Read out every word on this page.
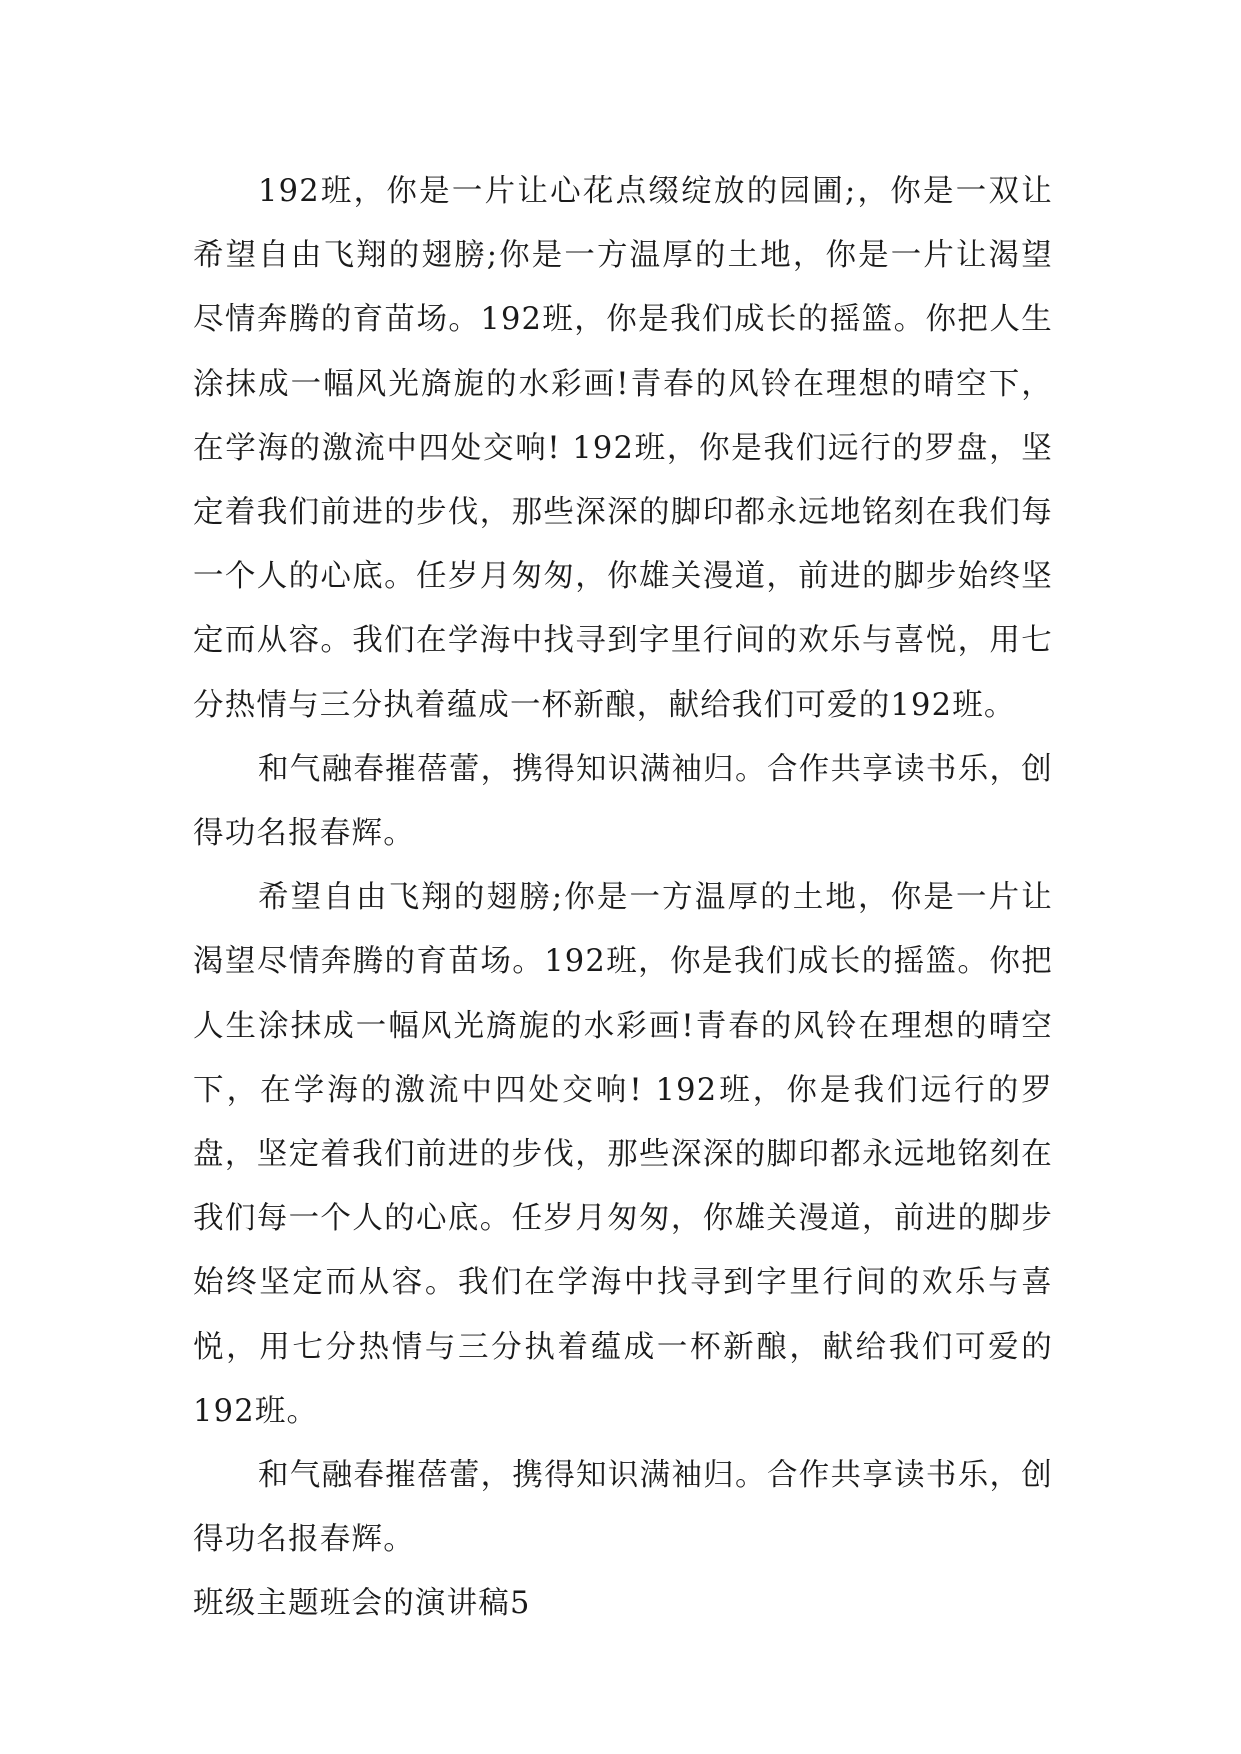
192班，你是一片让心花点缀绽放的园圃;，你是一双让希望自由飞翔的翅膀;你是一方温厚的土地，你是一片让渴望尽情奔腾的育苗场。192班，你是我们成长的摇篮。你把人生涂抹成一幅风光旖旎的水彩画!青春的风铃在理想的晴空下，在学海的激流中四处交响! 192班，你是我们远行的罗盘，坚定着我们前进的步伐，那些深深的脚印都永远地铭刻在我们每一个人的心底。任岁月匆匆，你雄关漫道，前进的脚步始终坚定而从容。我们在学海中找寻到字里行间的欢乐与喜悦，用七分热情与三分执着蕴成一杯新酿，献给我们可爱的192班。

和气融春摧蓓蕾，携得知识满袖归。合作共享读书乐，创得功名报春辉。

希望自由飞翔的翅膀;你是一方温厚的土地，你是一片让渴望尽情奔腾的育苗场。192班，你是我们成长的摇篮。你把人生涂抹成一幅风光旖旎的水彩画!青春的风铃在理想的晴空下，在学海的激流中四处交响! 192班，你是我们远行的罗盘，坚定着我们前进的步伐，那些深深的脚印都永远地铭刻在我们每一个人的心底。任岁月匆匆，你雄关漫道，前进的脚步始终坚定而从容。我们在学海中找寻到字里行间的欢乐与喜悦，用七分热情与三分执着蕴成一杯新酿，献给我们可爱的192班。

和气融春摧蓓蕾，携得知识满袖归。合作共享读书乐，创得功名报春辉。

班级主题班会的演讲稿5
